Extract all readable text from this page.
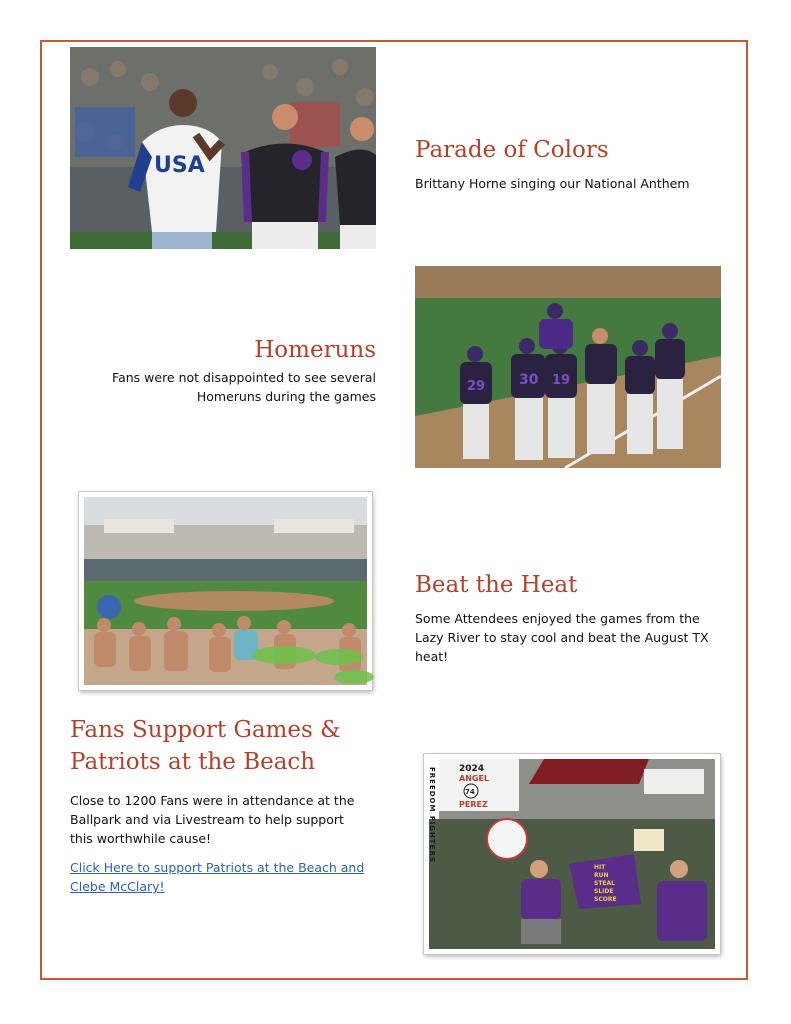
USA
Parade of Colors

Brittany Horne singing our National Anthem

29 30 19
Homeruns

Fans were not disappointed to see several Homeruns during the games

Beat the Heat

Some Attendees enjoyed the games from the Lazy River to stay cool and beat the August TX heat!

Fans Support Games &
Patriots at the Beach

Close to 1200 Fans were in attendance at the Ballpark and via Livestream to help support this worthwhile cause!

Click Here to support Patriots at the Beach and Clebe McClary!
FREEDOM FIGHTERS	2024
ANGEL
74
PEREZ
HIT
RUN
STEAL
SLIDE
SCORE
